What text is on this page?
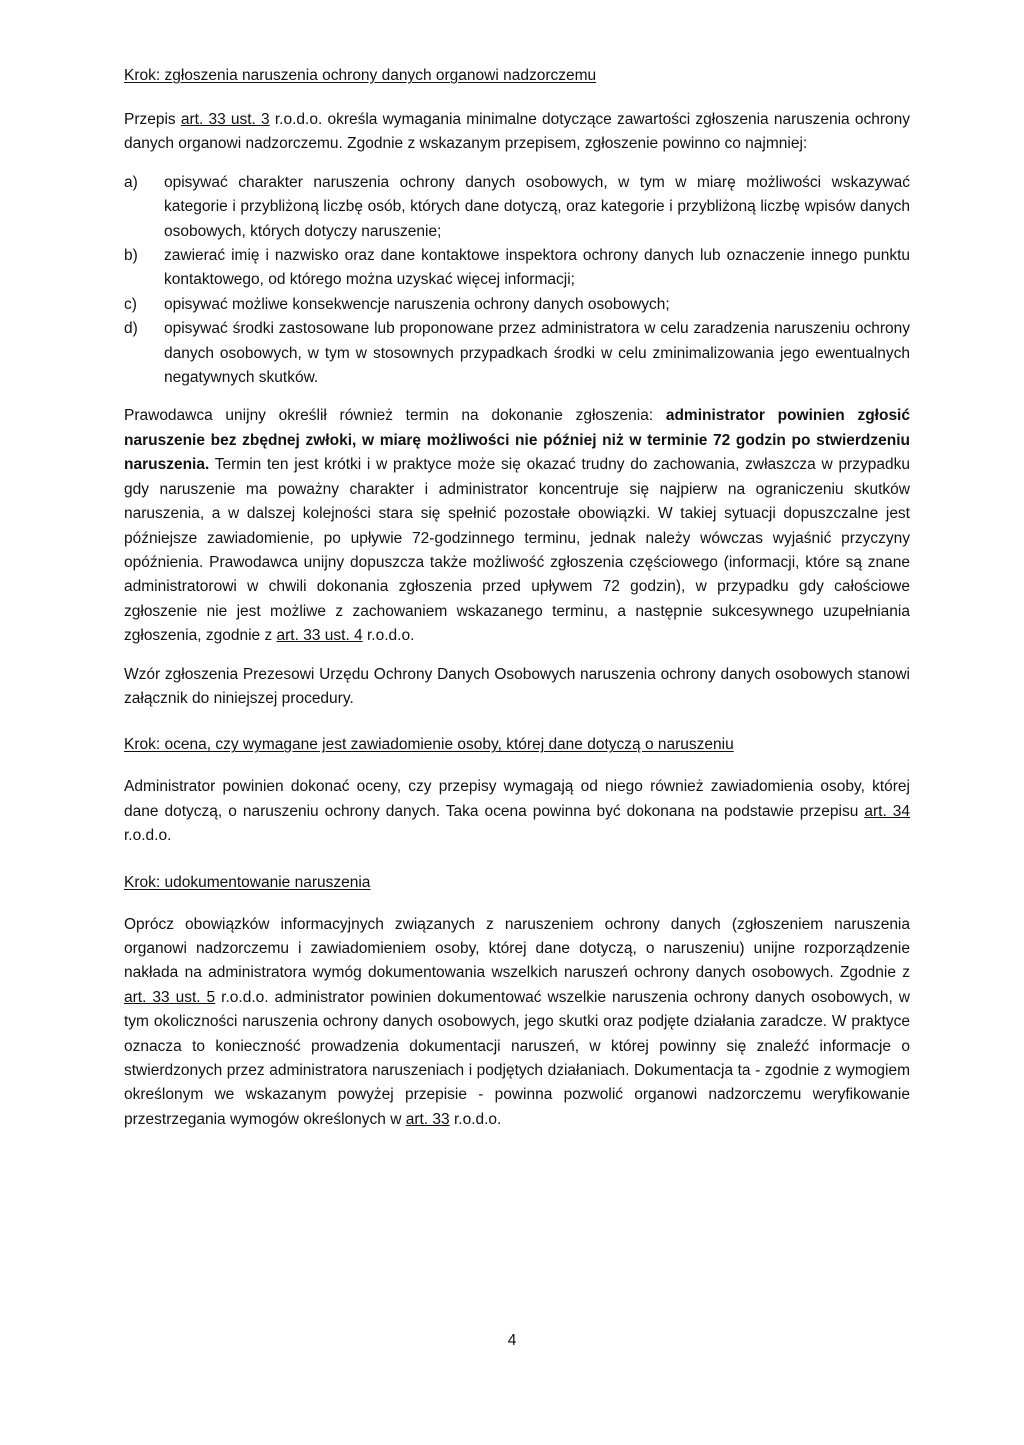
Krok: zgłoszenia naruszenia ochrony danych organowi nadzorczemu

Przepis art. 33 ust. 3 r.o.d.o. określa wymagania minimalne dotyczące zawartości zgłoszenia naruszenia ochrony danych organowi nadzorczemu. Zgodnie z wskazanym przepisem, zgłoszenie powinno co najmniej:

a)	opisywać charakter naruszenia ochrony danych osobowych, w tym w miarę możliwości wskazywać kategorie i przybliżoną liczbę osób, których dane dotyczą, oraz kategorie i przybliżoną liczbę wpisów danych osobowych, których dotyczy naruszenie;
b)	zawierać imię i nazwisko oraz dane kontaktowe inspektora ochrony danych lub oznaczenie innego punktu kontaktowego, od którego można uzyskać więcej informacji;
c)	opisywać możliwe konsekwencje naruszenia ochrony danych osobowych;
d)	opisywać środki zastosowane lub proponowane przez administratora w celu zaradzenia naruszeniu ochrony danych osobowych, w tym w stosownych przypadkach środki w celu zminimalizowania jego ewentualnych negatywnych skutków.

Prawodawca unijny określił również termin na dokonanie zgłoszenia: administrator powinien zgłosić naruszenie bez zbędnej zwłoki, w miarę możliwości nie później niż w terminie 72 godzin po stwierdzeniu naruszenia. Termin ten jest krótki i w praktyce może się okazać trudny do zachowania, zwłaszcza w przypadku gdy naruszenie ma poważny charakter i administrator koncentruje się najpierw na ograniczeniu skutków naruszenia, a w dalszej kolejności stara się spełnić pozostałe obowiązki. W takiej sytuacji dopuszczalne jest późniejsze zawiadomienie, po upływie 72-godzinnego terminu, jednak należy wówczas wyjaśnić przyczyny opóźnienia. Prawodawca unijny dopuszcza także możliwość zgłoszenia częściowego (informacji, które są znane administratorowi w chwili dokonania zgłoszenia przed upływem 72 godzin), w przypadku gdy całościowe zgłoszenie nie jest możliwe z zachowaniem wskazanego terminu, a następnie sukcesywnego uzupełniania zgłoszenia, zgodnie z art. 33 ust. 4 r.o.d.o.

Wzór zgłoszenia Prezesowi Urzędu Ochrony Danych Osobowych naruszenia ochrony danych osobowych stanowi załącznik do niniejszej procedury.

Krok: ocena, czy wymagane jest zawiadomienie osoby, której dane dotyczą o naruszeniu

Administrator powinien dokonać oceny, czy przepisy wymagają od niego również zawiadomienia osoby, której dane dotyczą, o naruszeniu ochrony danych. Taka ocena powinna być dokonana na podstawie przepisu art. 34 r.o.d.o.

Krok: udokumentowanie naruszenia

Oprócz obowiązków informacyjnych związanych z naruszeniem ochrony danych (zgłoszeniem naruszenia organowi nadzorczemu i zawiadomieniem osoby, której dane dotyczą, o naruszeniu) unijne rozporządzenie nakłada na administratora wymóg dokumentowania wszelkich naruszeń ochrony danych osobowych. Zgodnie z art. 33 ust. 5 r.o.d.o. administrator powinien dokumentować wszelkie naruszenia ochrony danych osobowych, w tym okoliczności naruszenia ochrony danych osobowych, jego skutki oraz podjęte działania zaradcze. W praktyce oznacza to konieczność prowadzenia dokumentacji naruszeń, w której powinny się znaleźć informacje o stwierdzonych przez administratora naruszeniach i podjętych działaniach. Dokumentacja ta - zgodnie z wymogiem określonym we wskazanym powyżej przepisie - powinna pozwolić organowi nadzorczemu weryfikowanie przestrzegania wymogów określonych w art. 33 r.o.d.o.

4
